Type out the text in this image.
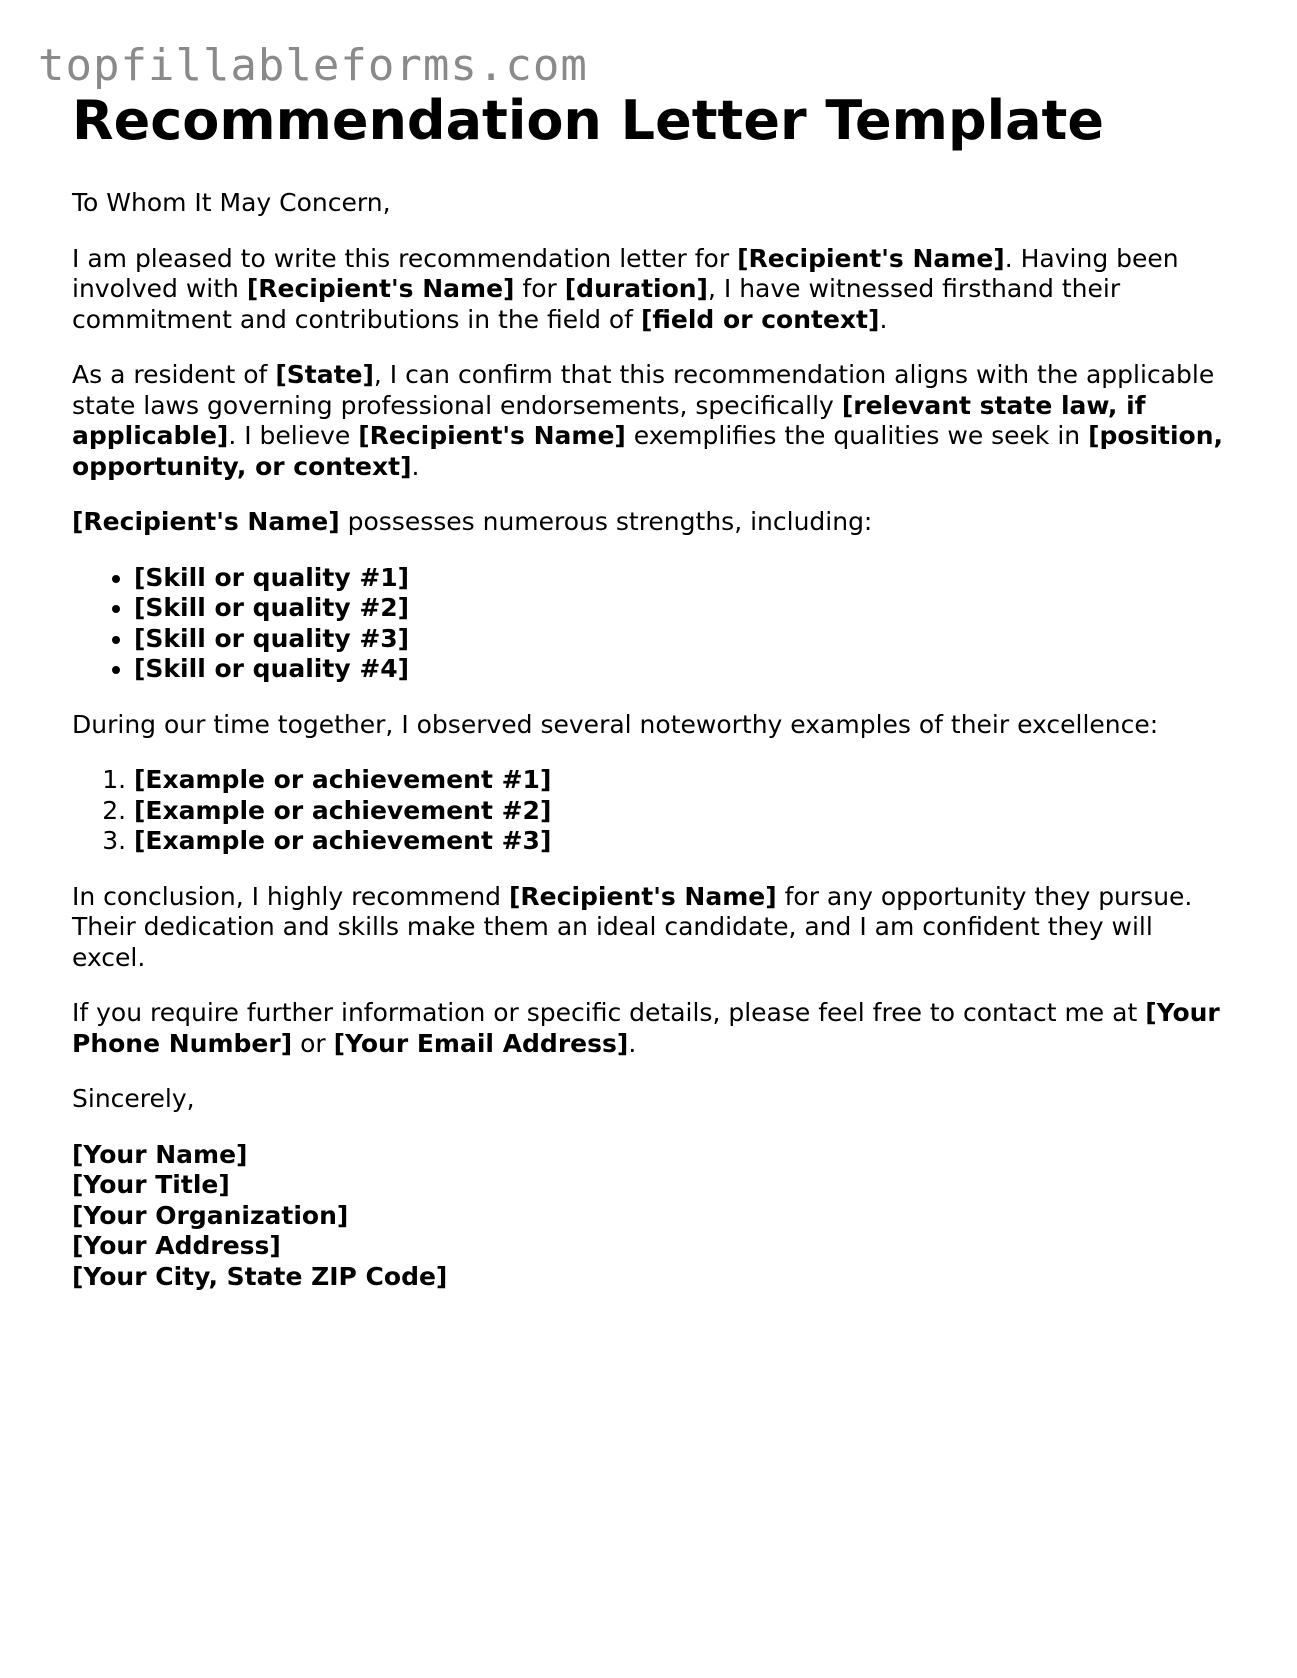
topfillableforms.com
Recommendation Letter Template

To Whom It May Concern,

I am pleased to write this recommendation letter for [Recipient's Name]. Having been involved with [Recipient's Name] for [duration], I have witnessed firsthand their commitment and contributions in the field of [field or context].

As a resident of [State], I can confirm that this recommendation aligns with the applicable state laws governing professional endorsements, specifically [relevant state law, if applicable]. I believe [Recipient's Name] exemplifies the qualities we seek in [position, opportunity, or context].

[Recipient's Name] possesses numerous strengths, including:

• [Skill or quality #1]
• [Skill or quality #2]
• [Skill or quality #3]
• [Skill or quality #4]

During our time together, I observed several noteworthy examples of their excellence:

1. [Example or achievement #1]
2. [Example or achievement #2]
3. [Example or achievement #3]

In conclusion, I highly recommend [Recipient's Name] for any opportunity they pursue. Their dedication and skills make them an ideal candidate, and I am confident they will excel.

If you require further information or specific details, please feel free to contact me at [Your Phone Number] or [Your Email Address].

Sincerely,

[Your Name]

[Your Title]

[Your Organization]

[Your Address]

[Your City, State ZIP Code]
